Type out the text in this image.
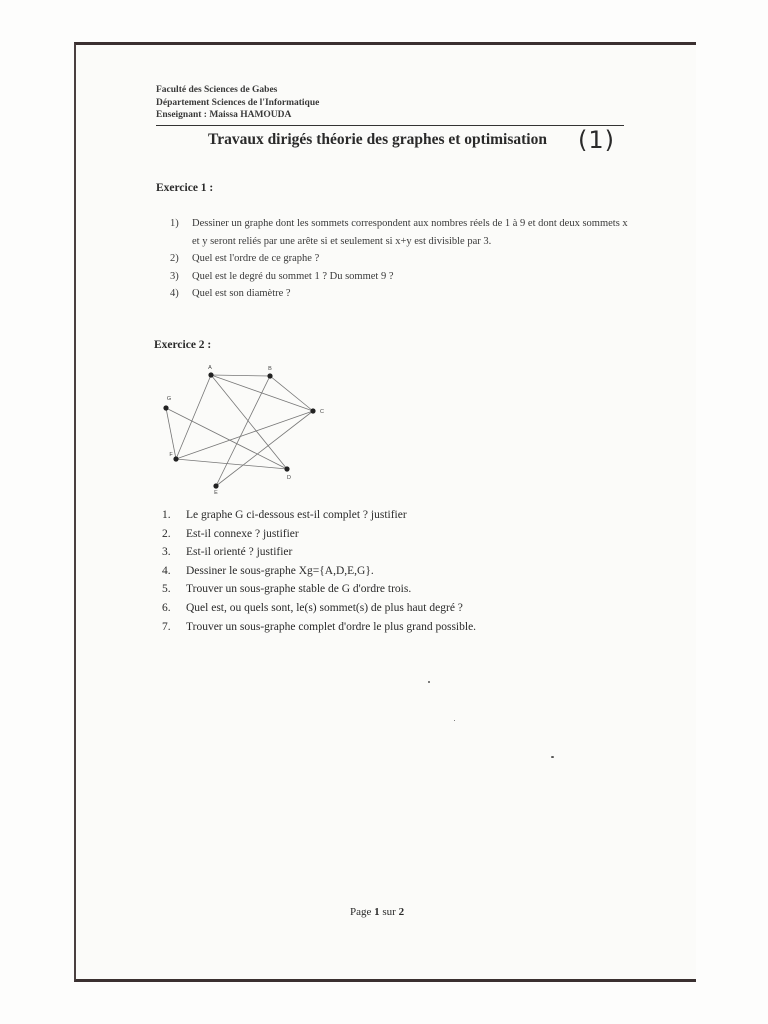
Faculté des Sciences de Gabes
Département Sciences de l'Informatique
Enseignant : Maissa HAMOUDA
Travaux dirigés théorie des graphes et optimisation (1)
Exercice 1 :
1) Dessiner un graphe dont les sommets correspondent aux nombres réels de 1 à 9 et dont deux sommets x et y seront reliés par une arête si et seulement si x+y est divisible par 3.
2) Quel est l'ordre de ce graphe ?
3) Quel est le degré du sommet 1 ? Du sommet 9 ?
4) Quel est son diamètre ?
Exercice 2 :
A	B
C
D
E
F
G
1. Le graphe G ci-dessous est-il complet ? justifier
2. Est-il connexe ? justifier
3. Est-il orienté ? justifier
4. Dessiner le sous-graphe Xg={A,D,E,G}.
5. Trouver un sous-graphe stable de G d'ordre trois.
6. Quel est, ou quels sont, le(s) sommet(s) de plus haut degré ?
7. Trouver un sous-graphe complet d'ordre le plus grand possible.
Page 1 sur 2
